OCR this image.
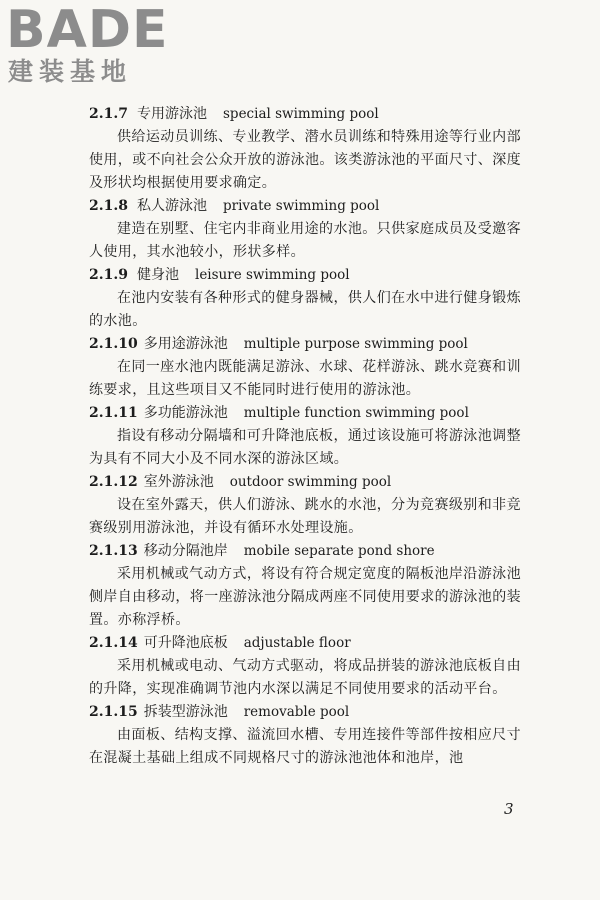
BADE
建装基地
2.1.7 专用游泳池 special swimming pool
供给运动员训练、专业教学、潜水员训练和特殊用途等行业内部使用，或不向社会公众开放的游泳池。该类游泳池的平面尺寸、深度及形状均根据使用要求确定。
2.1.8 私人游泳池 private swimming pool
建造在别墅、住宅内非商业用途的水池。只供家庭成员及受邀客人使用，其水池较小，形状多样。
2.1.9 健身池 leisure swimming pool
在池内安装有各种形式的健身器械，供人们在水中进行健身锻炼的水池。
2.1.10 多用途游泳池 multiple purpose swimming pool
在同一座水池内既能满足游泳、水球、花样游泳、跳水竞赛和训练要求，且这些项目又不能同时进行使用的游泳池。
2.1.11 多功能游泳池 multiple function swimming pool
指设有移动分隔墙和可升降池底板，通过该设施可将游泳池调整为具有不同大小及不同水深的游泳区域。
2.1.12 室外游泳池 outdoor swimming pool
设在室外露天，供人们游泳、跳水的水池，分为竞赛级别和非竞赛级别用游泳池，并设有循环水处理设施。
2.1.13 移动分隔池岸 mobile separate pond shore
采用机械或气动方式，将设有符合规定宽度的隔板池岸沿游泳池侧岸自由移动，将一座游泳池分隔成两座不同使用要求的游泳池的装置。亦称浮桥。
2.1.14 可升降池底板 adjustable floor
采用机械或电动、气动方式驱动，将成品拼装的游泳池底板自由的升降，实现准确调节池内水深以满足不同使用要求的活动平台。
2.1.15 拆装型游泳池 removable pool
由面板、结构支撑、溢流回水槽、专用连接件等部件按相应尺寸在混凝土基础上组成不同规格尺寸的游泳池池体和池岸，池
3
